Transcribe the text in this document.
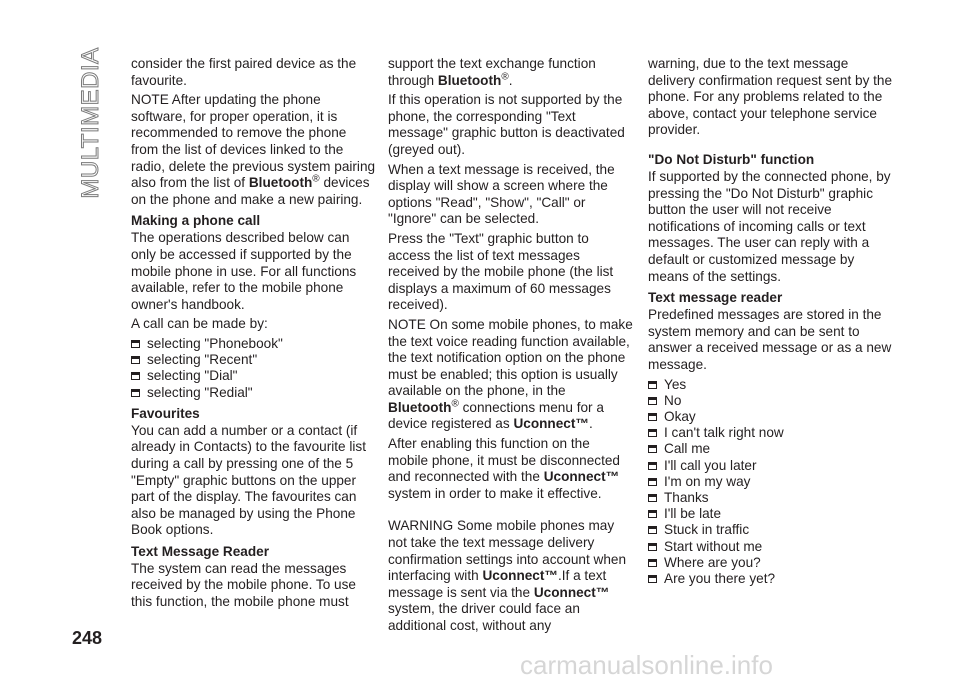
MULTIMEDIA consider the first paired device as the favourite.

NOTE After updating the phone software, for proper operation, it is recommended to remove the phone from the list of devices linked to the radio, delete the previous system pairing also from the list of Bluetooth® devices on the phone and make a new pairing.

Making a phone call

The operations described below can only be accessed if supported by the mobile phone in use. For all functions available, refer to the mobile phone owner's handbook.

A call can be made by:

selecting "Phonebook"
selecting "Recent"
selecting "Dial"
selecting "Redial"
Favourites

You can add a number or a contact (if already in Contacts) to the favourite list during a call by pressing one of the 5 "Empty" graphic buttons on the upper part of the display. The favourites can also be managed by using the Phone Book options.

Text Message Reader

The system can read the messages received by the mobile phone. To use this function, the mobile phone must

support the text exchange function through Bluetooth®.

If this operation is not supported by the phone, the corresponding "Text message" graphic button is deactivated (greyed out).

When a text message is received, the display will show a screen where the options "Read", "Show", "Call" or "Ignore" can be selected.

Press the "Text" graphic button to access the list of text messages received by the mobile phone (the list displays a maximum of 60 messages received).

NOTE On some mobile phones, to make the text voice reading function available, the text notification option on the phone must be enabled; this option is usually available on the phone, in the Bluetooth® connections menu for a device registered as Uconnect™.

After enabling this function on the mobile phone, it must be disconnected and reconnected with the Uconnect™ system in order to make it effective.

WARNING Some mobile phones may not take the text message delivery confirmation settings into account when interfacing with Uconnect™.If a text message is sent via the Uconnect™ system, the driver could face an additional cost, without any

warning, due to the text message delivery confirmation request sent by the phone. For any problems related to the above, contact your telephone service provider.

"Do Not Disturb" function

If supported by the connected phone, by pressing the "Do Not Disturb" graphic button the user will not receive notifications of incoming calls or text messages. The user can reply with a default or customized message by means of the settings.

Text message reader

Predefined messages are stored in the system memory and can be sent to answer a received message or as a new message.

Yes
No
Okay
I can't talk right now
Call me
I'll call you later
I'm on my way
Thanks
I'll be late
Stuck in traffic
Start without me
Where are you?
Are you there yet?
248
carmanualsonline.info
